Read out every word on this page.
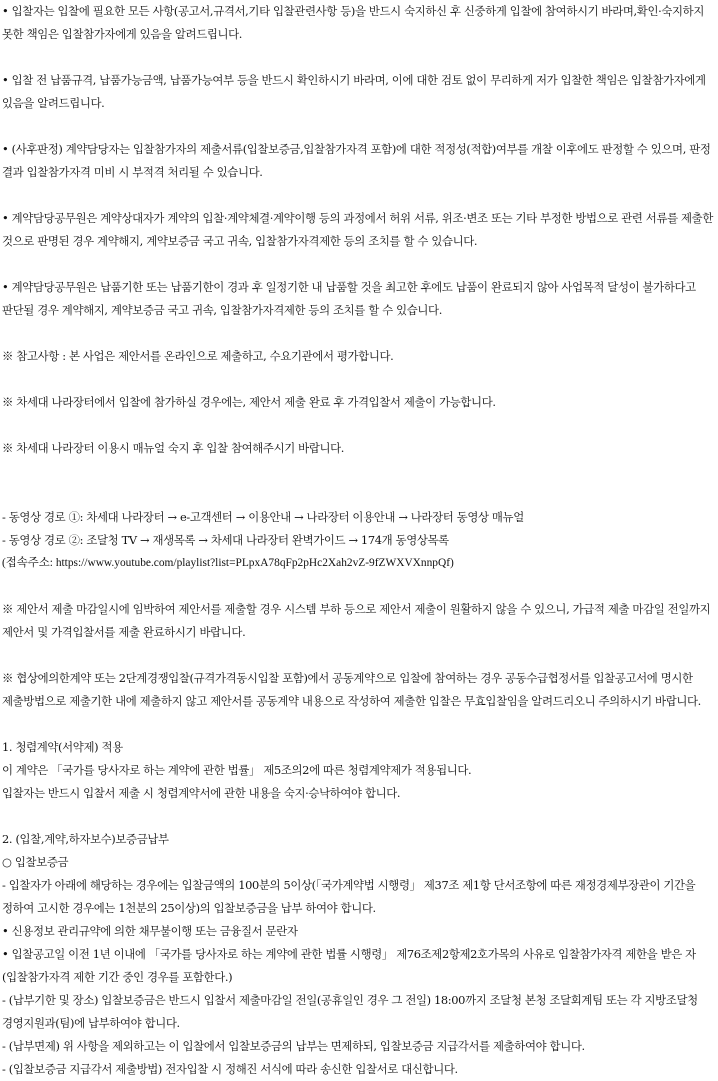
• 입찰자는 입찰에 필요한 모든 사항(공고서,규격서,기타 입찰관련사항 등)을 반드시 숙지하신 후 신중하게 입찰에 참여하시기 바라며,확인·숙지하지 못한 책임은 입찰참가자에게 있음을 알려드립니다.

• 입찰 전 납품규격, 납품가능금액, 납품가능여부 등을 반드시 확인하시기 바라며, 이에 대한 검토 없이 무리하게 저가 입찰한 책임은 입찰참가자에게 있음을 알려드립니다.

• (사후판정) 계약담당자는 입찰참가자의 제출서류(입찰보증금,입찰참가자격 포함)에 대한 적정성(적합)여부를 개찰 이후에도 판정할 수 있으며, 판정 결과 입찰참가자격 미비 시 부적격 처리될 수 있습니다.

• 계약담당공무원은 계약상대자가 계약의 입찰·계약체결·계약이행 등의 과정에서 허위 서류, 위조·변조 또는 기타 부정한 방법으로 관련 서류를 제출한 것으로 판명된 경우 계약해지, 계약보증금 국고 귀속, 입찰참가자격제한 등의 조치를 할 수 있습니다.

• 계약담당공무원은 납품기한 또는 납품기한이 경과 후 일정기한 내 납품할 것을 최고한 후에도 납품이 완료되지 않아 사업목적 달성이 불가하다고 판단될 경우 계약해지, 계약보증금 국고 귀속, 입찰참가자격제한 등의 조치를 할 수 있습니다.

※ 참고사항 : 본 사업은 제안서를 온라인으로 제출하고, 수요기관에서 평가합니다.

※ 차세대 나라장터에서 입찰에 참가하실 경우에는, 제안서 제출 완료 후 가격입찰서 제출이 가능합니다.

※ 차세대 나라장터 이용시 매뉴얼 숙지 후 입찰 참여해주시기 바랍니다.

- 동영상 경로 ①: 차세대 나라장터 → e-고객센터 → 이용안내 → 나라장터 이용안내 → 나라장터 동영상 매뉴얼

- 동영상 경로 ②: 조달청 TV → 재생목록 → 차세대 나라장터 완벽가이드 → 174개 동영상목록

(접속주소: https://www.youtube.com/playlist?list=PLpxA78qFp2pHc2Xah2vZ-9fZWXVXnnpQf)

※ 제안서 제출 마감일시에 임박하여 제안서를 제출할 경우 시스템 부하 등으로 제안서 제출이 원활하지 않을 수 있으니, 가급적 제출 마감일 전일까지 제안서 및 가격입찰서를 제출 완료하시기 바랍니다.

※ 협상에의한계약 또는 2단계경쟁입찰(규격가격동시입찰 포함)에서 공동계약으로 입찰에 참여하는 경우 공동수급협정서를 입찰공고서에 명시한 제출방법으로 제출기한 내에 제출하지 않고 제안서를 공동계약 내용으로 작성하여 제출한 입찰은 무효입찰임을 알려드리오니 주의하시기 바랍니다.

1. 청렴계약(서약제) 적용

이 계약은 「국가를 당사자로 하는 계약에 관한 법률」 제5조의2에 따른 청렴계약제가 적용됩니다.

입찰자는 반드시 입찰서 제출 시 청렴계약서에 관한 내용을 숙지·승낙하여야 합니다.

2. (입찰,계약,하자보수)보증금납부

○ 입찰보증금

- 입찰자가 아래에 해당하는 경우에는 입찰금액의 100분의 5이상(「국가계약법 시행령」 제37조 제1항 단서조항에 따른 재정경제부장관이 기간을 정하여 고시한 경우에는 1천분의 25이상)의 입찰보증금을 납부 하여야 합니다.

• 신용정보 관리규약에 의한 채무불이행 또는 금융질서 문란자

• 입찰공고일 이전 1년 이내에 「국가를 당사자로 하는 계약에 관한 법률 시행령」 제76조제2항제2호가목의 사유로 입찰참가자격 제한을 받은 자(입찰참가자격 제한 기간 중인 경우를 포함한다.)

- (납부기한 및 장소) 입찰보증금은 반드시 입찰서 제출마감일 전일(공휴일인 경우 그 전일) 18:00까지 조달청 본청 조달회계팀 또는 각 지방조달청 경영지원과(팀)에 납부하여야 합니다.

- (납부면제) 위 사항을 제외하고는 이 입찰에서 입찰보증금의 납부는 면제하되, 입찰보증금 지급각서를 제출하여야 합니다.

- (입찰보증금 지급각서 제출방법) 전자입찰 시 정해진 서식에 따라 송신한 입찰서로 대신합니다.
